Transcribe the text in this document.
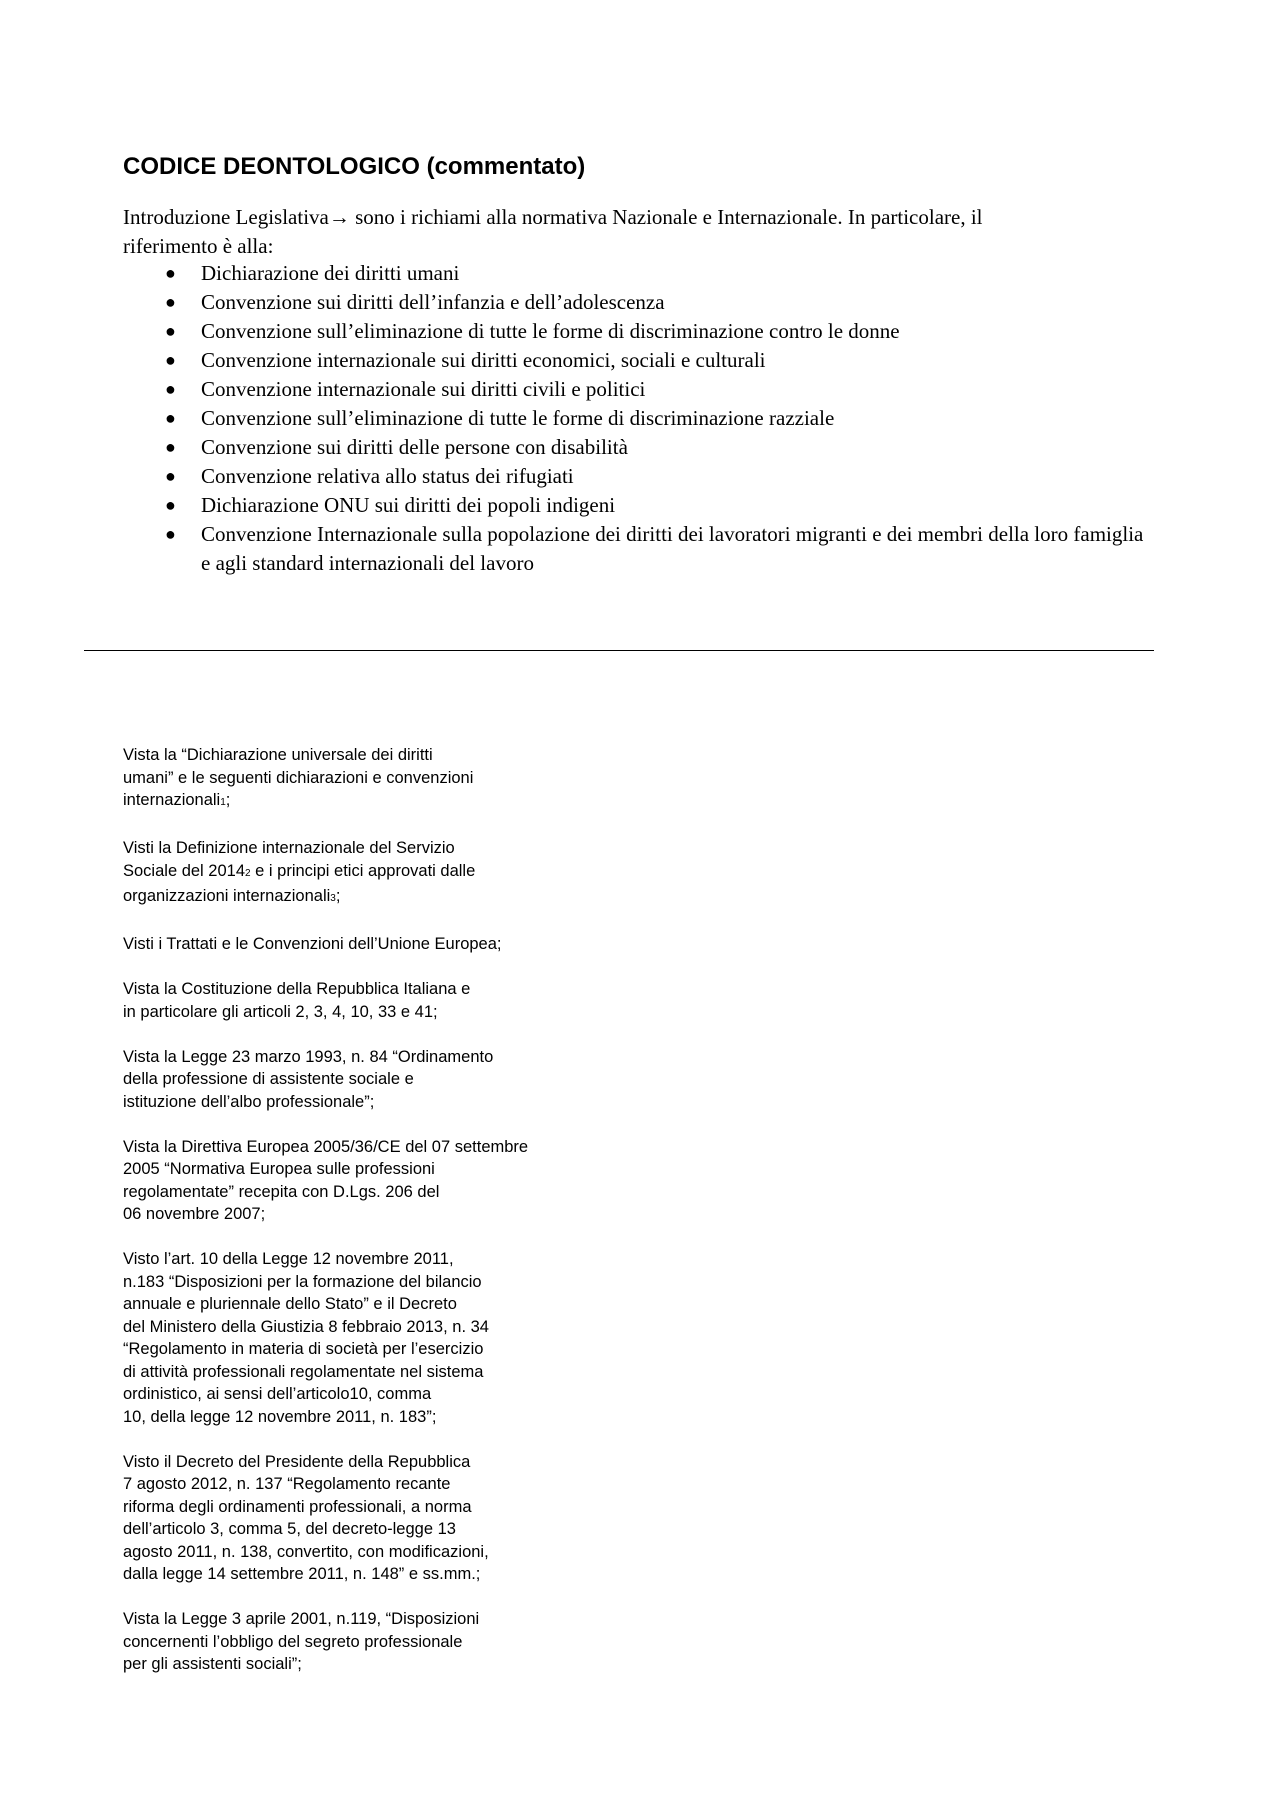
CODICE DEONTOLOGICO (commentato)

Introduzione Legislativa→ sono i richiami alla normativa Nazionale e Internazionale. In particolare, il
riferimento è alla:

● Dichiarazione dei diritti umani
● Convenzione sui diritti dell’infanzia e dell’adolescenza
● Convenzione sull’eliminazione di tutte le forme di discriminazione contro le donne
● Convenzione internazionale sui diritti economici, sociali e culturali
● Convenzione internazionale sui diritti civili e politici
● Convenzione sull’eliminazione di tutte le forme di discriminazione razziale
● Convenzione sui diritti delle persone con disabilità
● Convenzione relativa allo status dei rifugiati
● Dichiarazione ONU sui diritti dei popoli indigeni
● Convenzione Internazionale sulla popolazione dei diritti dei lavoratori migranti e dei membri della loro famiglia e agli standard internazionali del lavoro

Vista la “Dichiarazione universale dei diritti
umani” e le seguenti dichiarazioni e convenzioni
internazionali1;

Visti la Definizione internazionale del Servizio
Sociale del 20142 e i principi etici approvati dalle
organizzazioni internazionali3;

Visti i Trattati e le Convenzioni dell’Unione Europea;

Vista la Costituzione della Repubblica Italiana e
in particolare gli articoli 2, 3, 4, 10, 33 e 41;

Vista la Legge 23 marzo 1993, n. 84 “Ordinamento
della professione di assistente sociale e
istituzione dell’albo professionale”;

Vista la Direttiva Europea 2005/36/CE del 07 settembre
2005 “Normativa Europea sulle professioni
regolamentate” recepita con D.Lgs. 206 del
06 novembre 2007;

Visto l’art. 10 della Legge 12 novembre 2011,
n.183 “Disposizioni per la formazione del bilancio
annuale e pluriennale dello Stato” e il Decreto
del Ministero della Giustizia 8 febbraio 2013, n. 34
“Regolamento in materia di società per l’esercizio
di attività professionali regolamentate nel sistema
ordinistico, ai sensi dell’articolo10, comma
10, della legge 12 novembre 2011, n. 183”;

Visto il Decreto del Presidente della Repubblica
7 agosto 2012, n. 137 “Regolamento recante
riforma degli ordinamenti professionali, a norma
dell’articolo 3, comma 5, del decreto-legge 13
agosto 2011, n. 138, convertito, con modificazioni,
dalla legge 14 settembre 2011, n. 148” e ss.mm.;

Vista la Legge 3 aprile 2001, n.119, “Disposizioni
concernenti l’obbligo del segreto professionale
per gli assistenti sociali”;
